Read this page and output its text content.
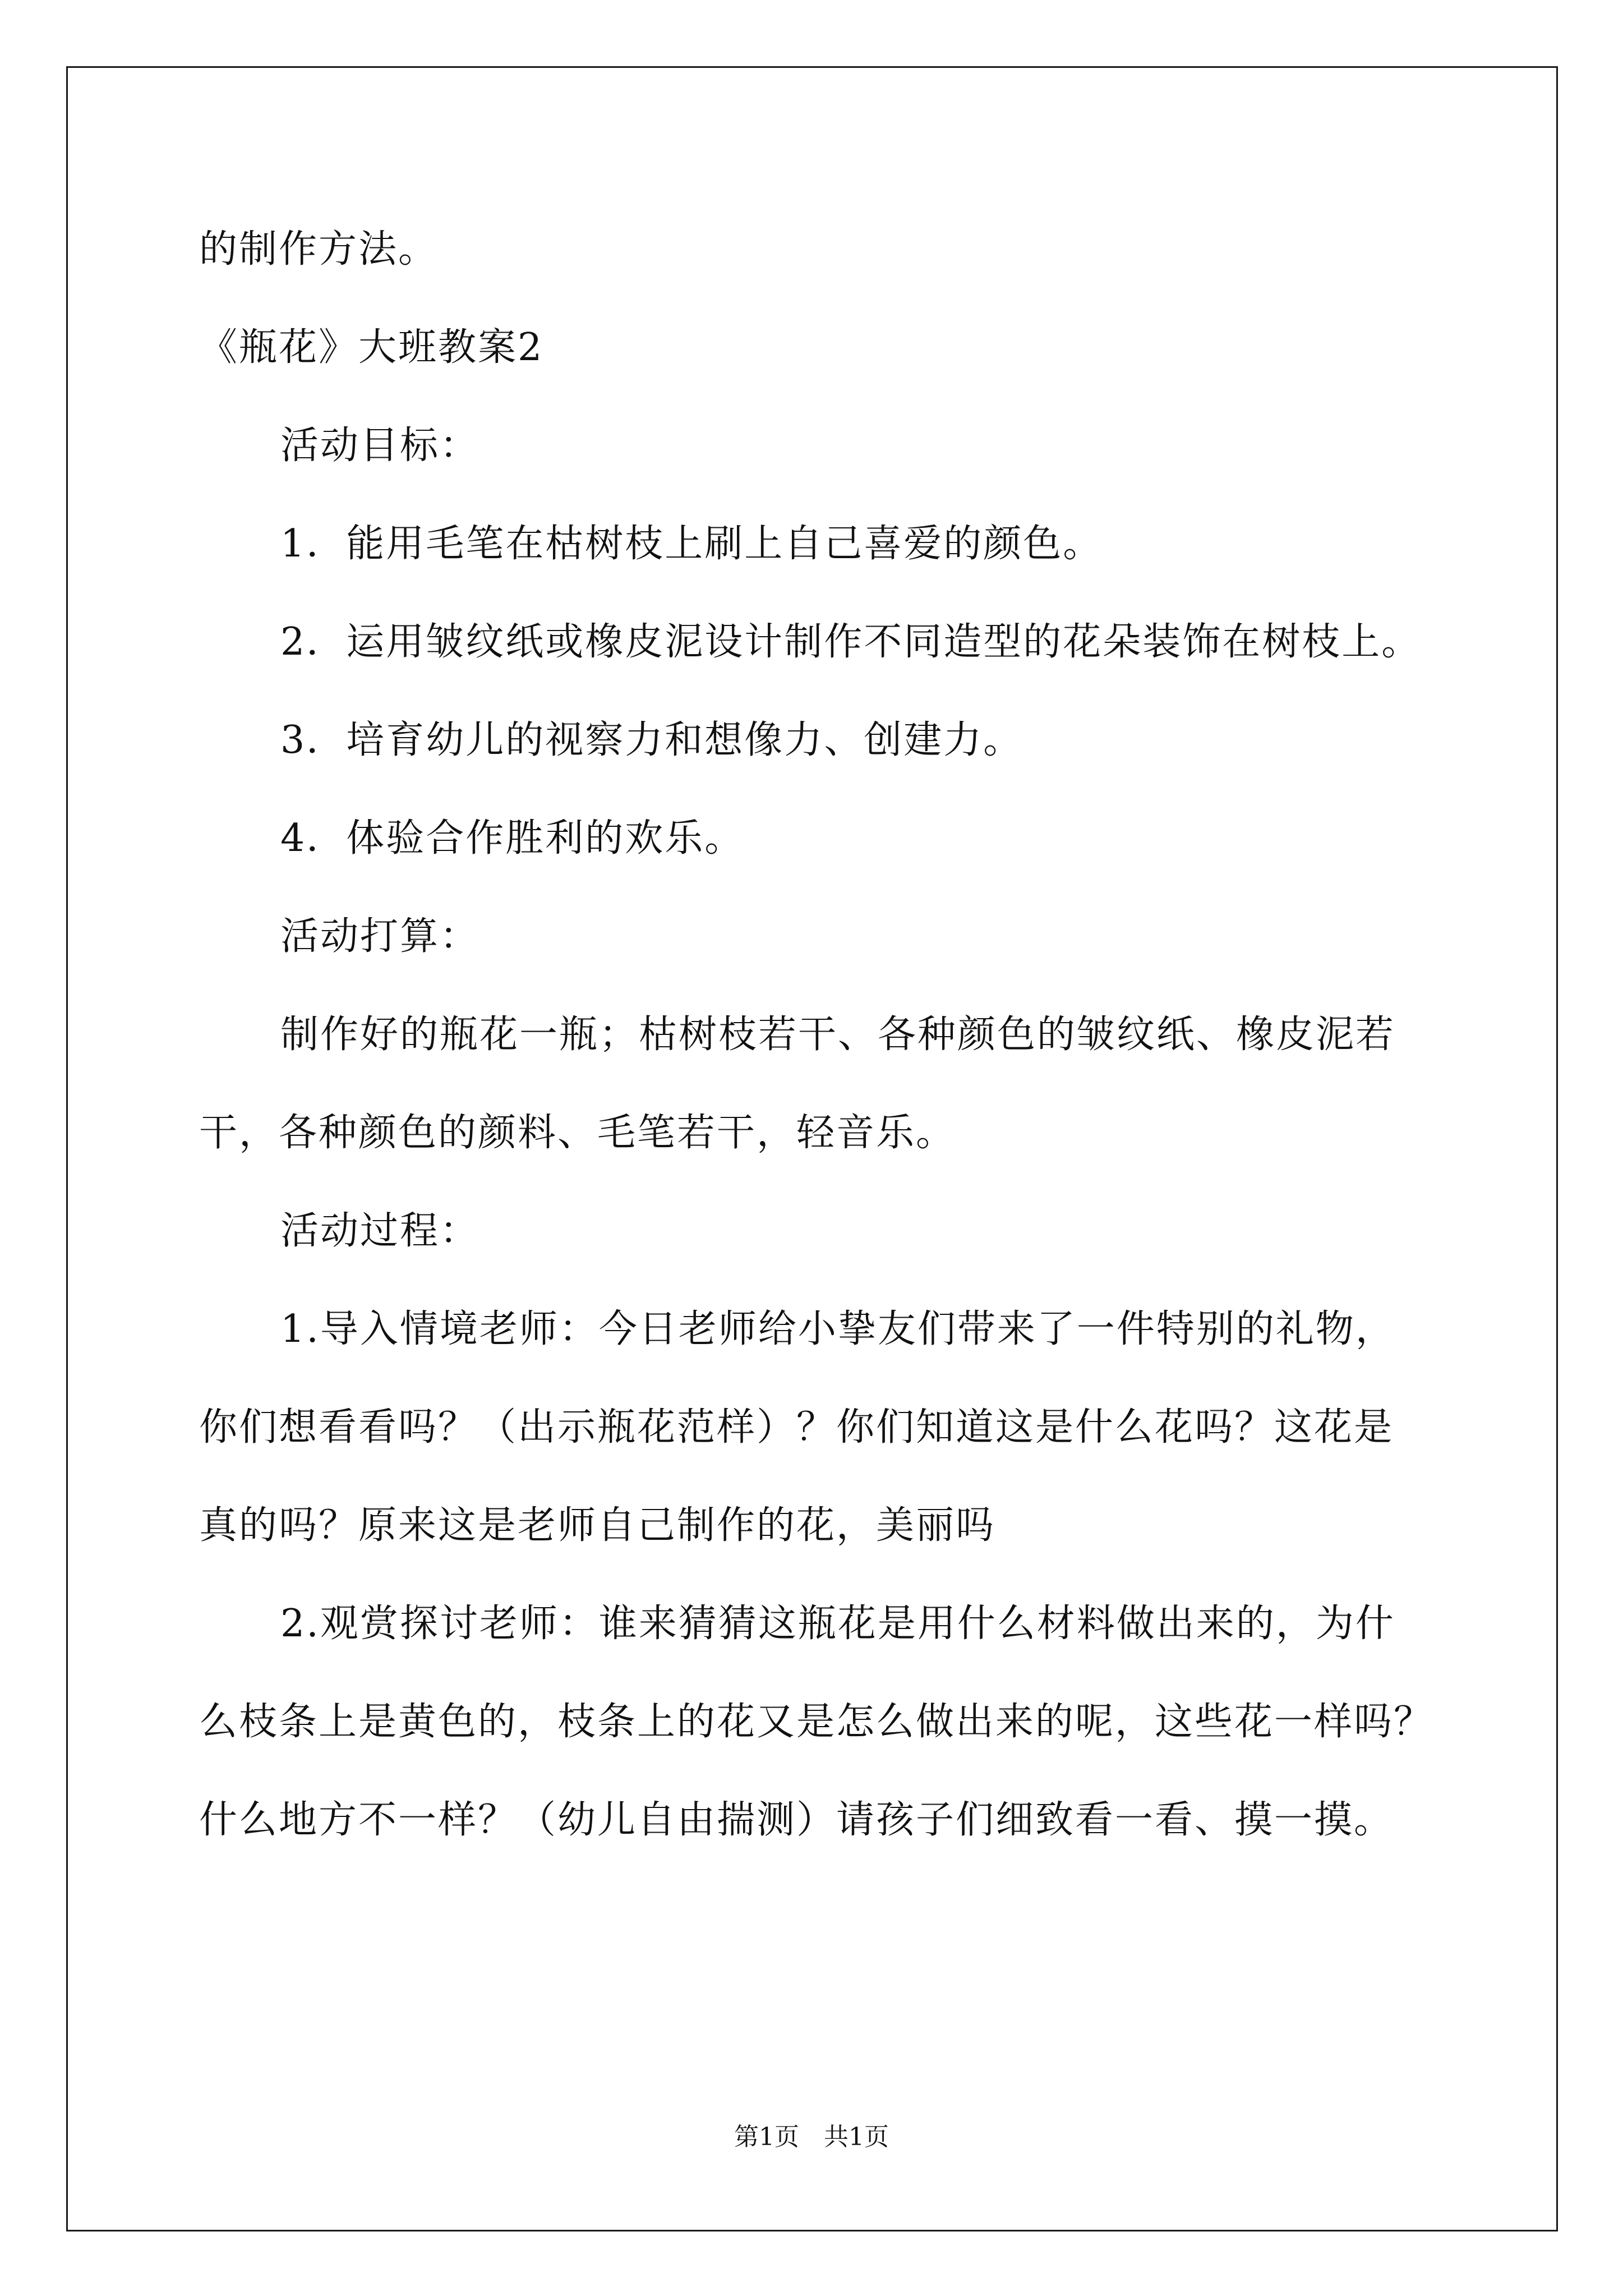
的制作方法。
《瓶花》大班教案2
活动目标：
1．能用毛笔在枯树枝上刷上自己喜爱的颜色。
2．运用皱纹纸或橡皮泥设计制作不同造型的花朵装饰在树枝上。
3．培育幼儿的视察力和想像力、创建力。
4．体验合作胜利的欢乐。
活动打算：
制作好的瓶花一瓶；枯树枝若干、各种颜色的皱纹纸、橡皮泥若
干，各种颜色的颜料、毛笔若干，轻音乐。
活动过程：
1.导入情境老师：今日老师给小挚友们带来了一件特别的礼物，
你们想看看吗？（出示瓶花范样）？你们知道这是什么花吗？这花是
真的吗？原来这是老师自己制作的花，美丽吗
2.观赏探讨老师：谁来猜猜这瓶花是用什么材料做出来的，为什
么枝条上是黄色的，枝条上的花又是怎么做出来的呢，这些花一样吗？
什么地方不一样？（幼儿自由揣测）请孩子们细致看一看、摸一摸。
第1页　共1页
